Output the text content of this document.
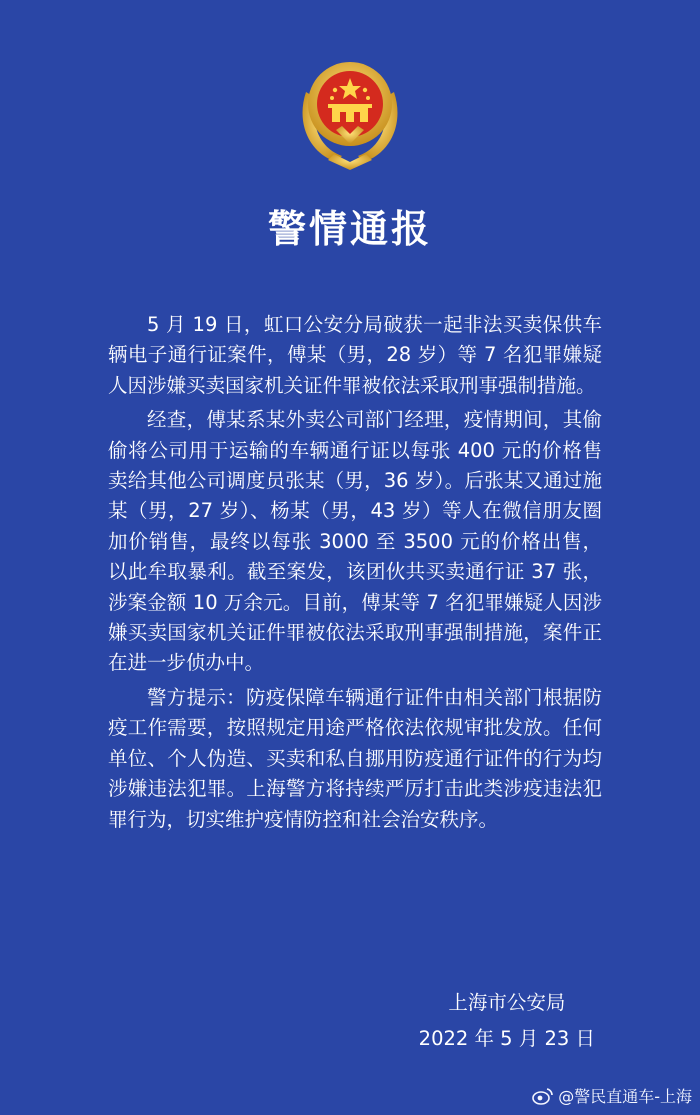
警情通报

5 月 19 日，虹口公安分局破获一起非法买卖保供车辆电子通行证案件，傅某（男，28 岁）等 7 名犯罪嫌疑人因涉嫌买卖国家机关证件罪被依法采取刑事强制措施。

经查，傅某系某外卖公司部门经理，疫情期间，其偷偷将公司用于运输的车辆通行证以每张 400 元的价格售卖给其他公司调度员张某（男，36 岁）。后张某又通过施某（男，27 岁）、杨某（男，43 岁）等人在微信朋友圈加价销售，最终以每张 3000 至 3500 元的价格出售，以此牟取暴利。截至案发，该团伙共买卖通行证 37 张，涉案金额 10 万余元。目前，傅某等 7 名犯罪嫌疑人因涉嫌买卖国家机关证件罪被依法采取刑事强制措施，案件正在进一步侦办中。

警方提示：防疫保障车辆通行证件由相关部门根据防疫工作需要，按照规定用途严格依法依规审批发放。任何单位、个人伪造、买卖和私自挪用防疫通行证件的行为均涉嫌违法犯罪。上海警方将持续严厉打击此类涉疫违法犯罪行为，切实维护疫情防控和社会治安秩序。

上海市公安局
2022 年 5 月 23 日
@警民直通车-上海
